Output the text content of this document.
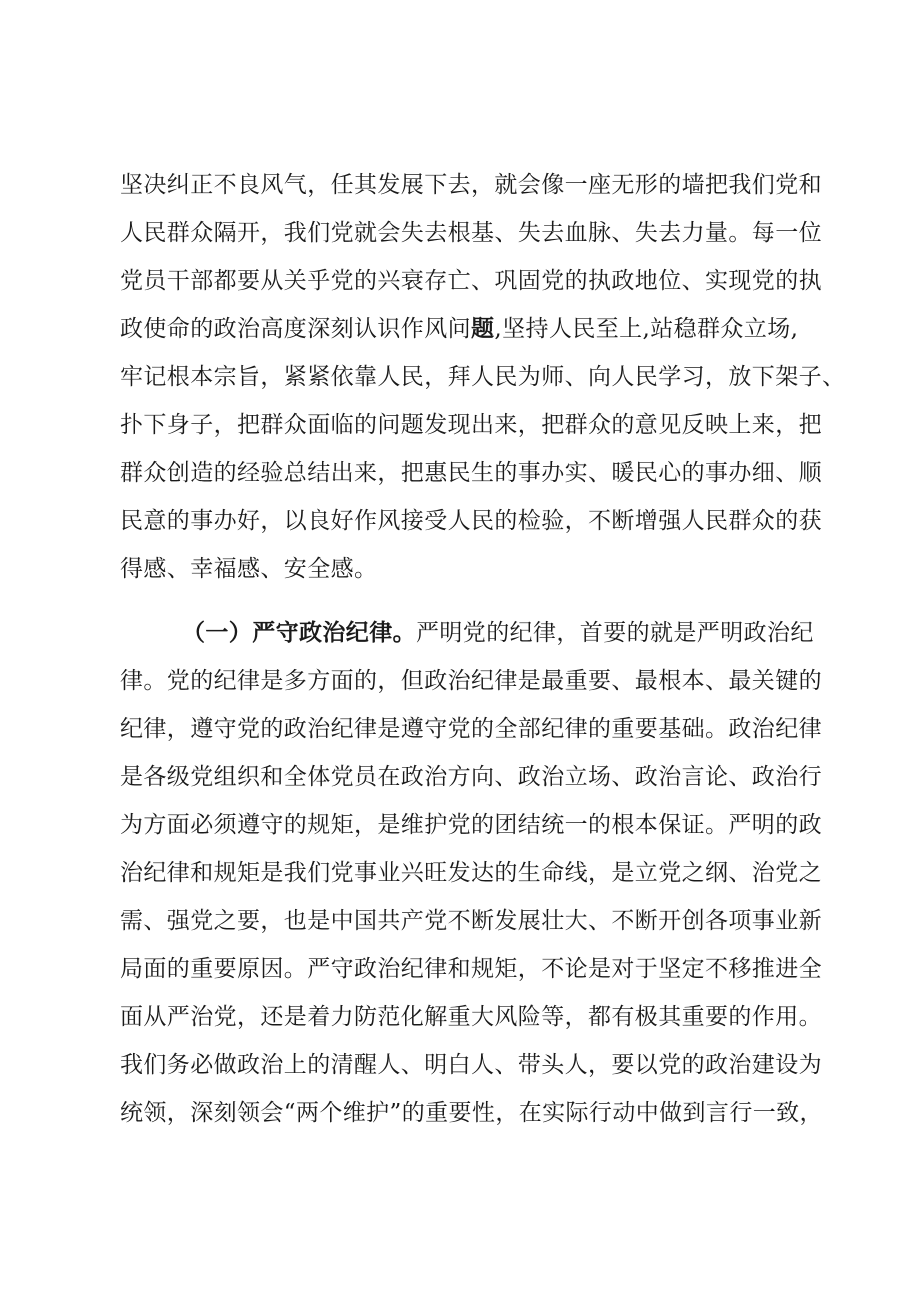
坚决纠正不良风气，任其发展下去，就会像一座无形的墙把我们党和
人民群众隔开，我们党就会失去根基、失去血脉、失去力量。每一位
党员干部都要从关乎党的兴衰存亡、巩固党的执政地位、实现党的执
政使命的政治高度深刻认识作风问题,坚持人民至上,站稳群众立场,
牢记根本宗旨，紧紧依靠人民，拜人民为师、向人民学习，放下架子、
扑下身子，把群众面临的问题发现出来，把群众的意见反映上来，把
群众创造的经验总结出来，把惠民生的事办实、暖民心的事办细、顺
民意的事办好，以良好作风接受人民的检验，不断增强人民群众的获
得感、幸福感、安全感。
（一）严守政治纪律。严明党的纪律，首要的就是严明政治纪
律。党的纪律是多方面的，但政治纪律是最重要、最根本、最关键的
纪律，遵守党的政治纪律是遵守党的全部纪律的重要基础。政治纪律
是各级党组织和全体党员在政治方向、政治立场、政治言论、政治行
为方面必须遵守的规矩，是维护党的团结统一的根本保证。严明的政
治纪律和规矩是我们党事业兴旺发达的生命线，是立党之纲、治党之
需、强党之要，也是中国共产党不断发展壮大、不断开创各项事业新
局面的重要原因。严守政治纪律和规矩，不论是对于坚定不移推进全
面从严治党，还是着力防范化解重大风险等，都有极其重要的作用。
我们务必做政治上的清醒人、明白人、带头人，要以党的政治建设为
统领，深刻领会“两个维护”的重要性，在实际行动中做到言行一致，
